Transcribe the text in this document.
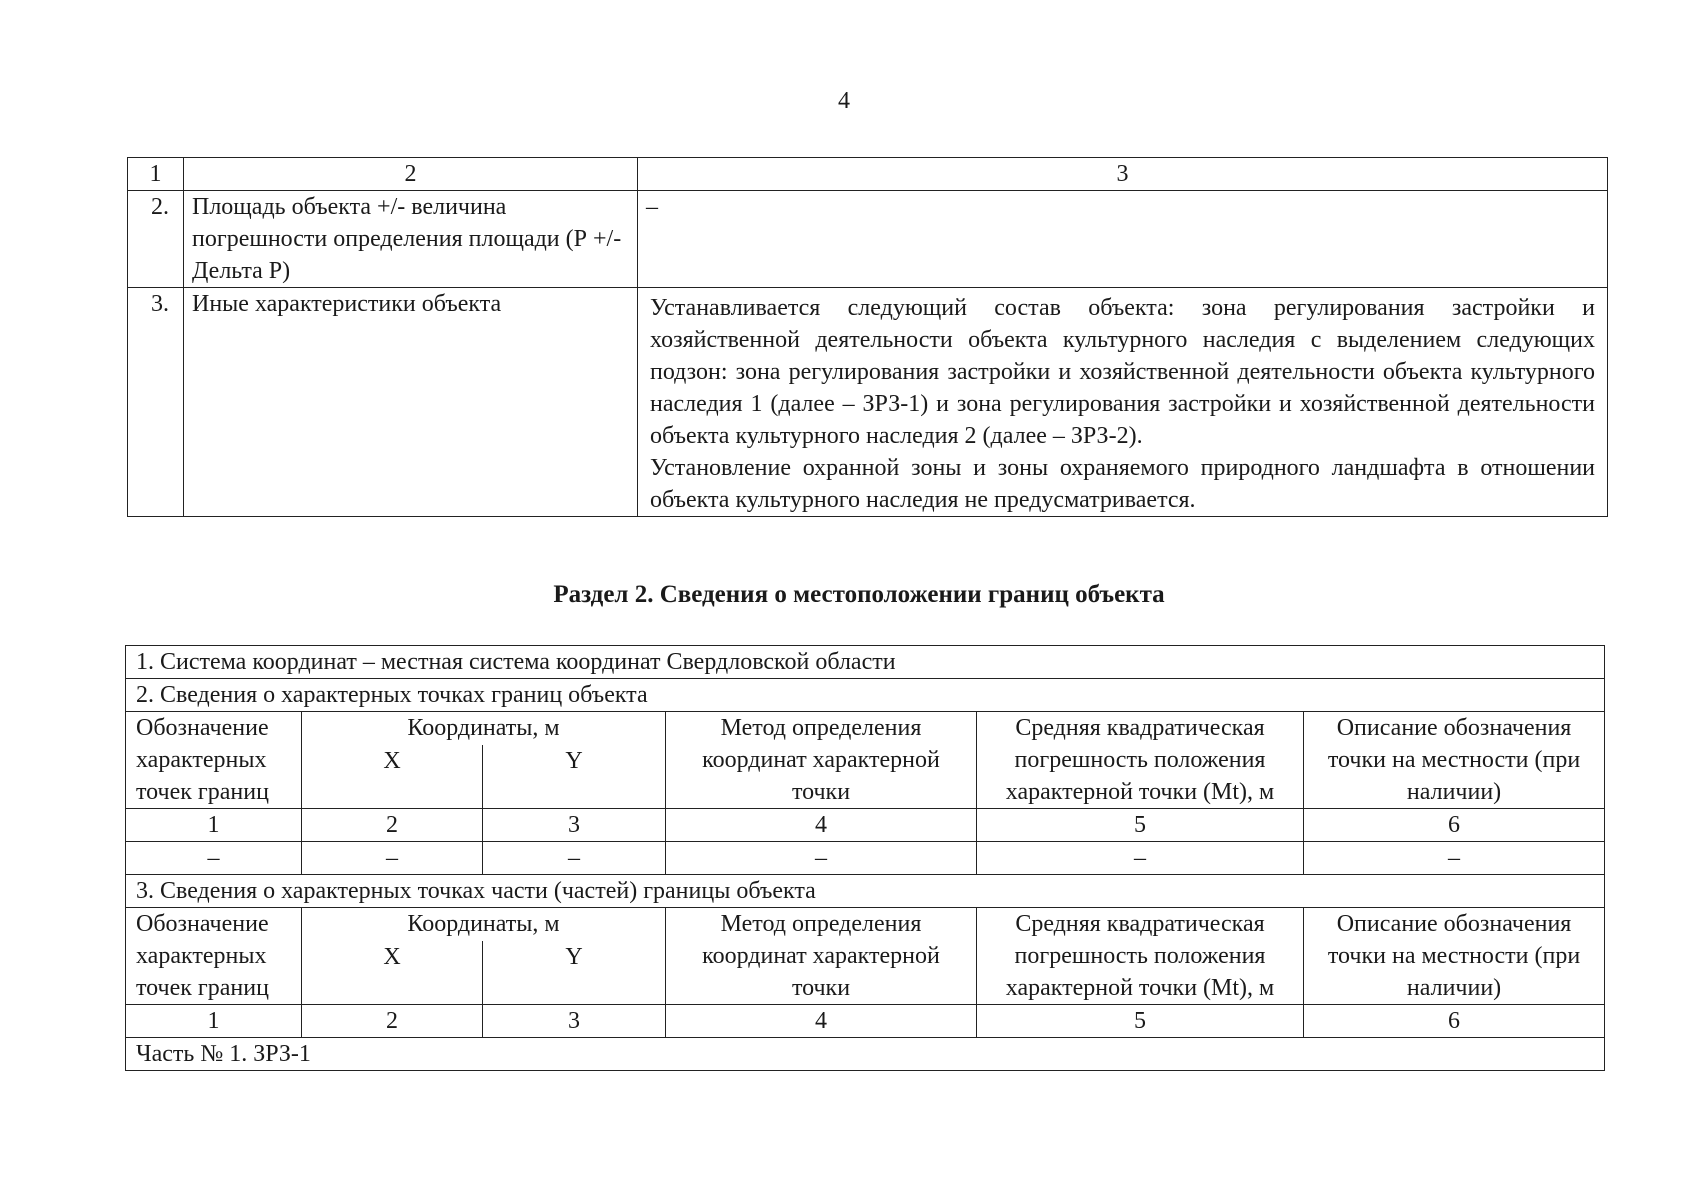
4
1	2	3
2.	Площадь объекта +/- величина погрешности определения площади (Р +/- Дельта Р)	–
3.	Иные характеристики объекта	Устанавливается следующий состав объекта: зона регулирования застройки и хозяйственной деятельности объекта культурного наследия с выделением следующих подзон: зона регулирования застройки и хозяйственной деятельности объекта культурного наследия 1 (далее – ЗРЗ-1) и зона регулирования застройки и хозяйственной деятельности объекта культурного наследия 2 (далее – ЗРЗ-2).
Установление охранной зоны и зоны охраняемого природного ландшафта в отношении объекта культурного наследия не предусматривается.
Раздел 2. Сведения о местоположении границ объекта
1. Система координат – местная система координат Свердловской области					
2. Сведения о характерных точках границ объекта					
Обозначение характерных точек границ	Координаты, м		Метод определения координат характерной точки	Средняя квадратическая погрешность положения характерной точки (Mt), м	Описание обозначения точки на местности (при наличии)
	X	Y			
1	2	3	4	5	6
–	–	–	–	–	–
3. Сведения о характерных точках части (частей) границы объекта					
Обозначение характерных точек границ	Координаты, м		Метод определения координат характерной точки	Средняя квадратическая погрешность положения характерной точки (Mt), м	Описание обозначения точки на местности (при наличии)
	X	Y			
1	2	3	4	5	6
Часть № 1. ЗРЗ-1					
